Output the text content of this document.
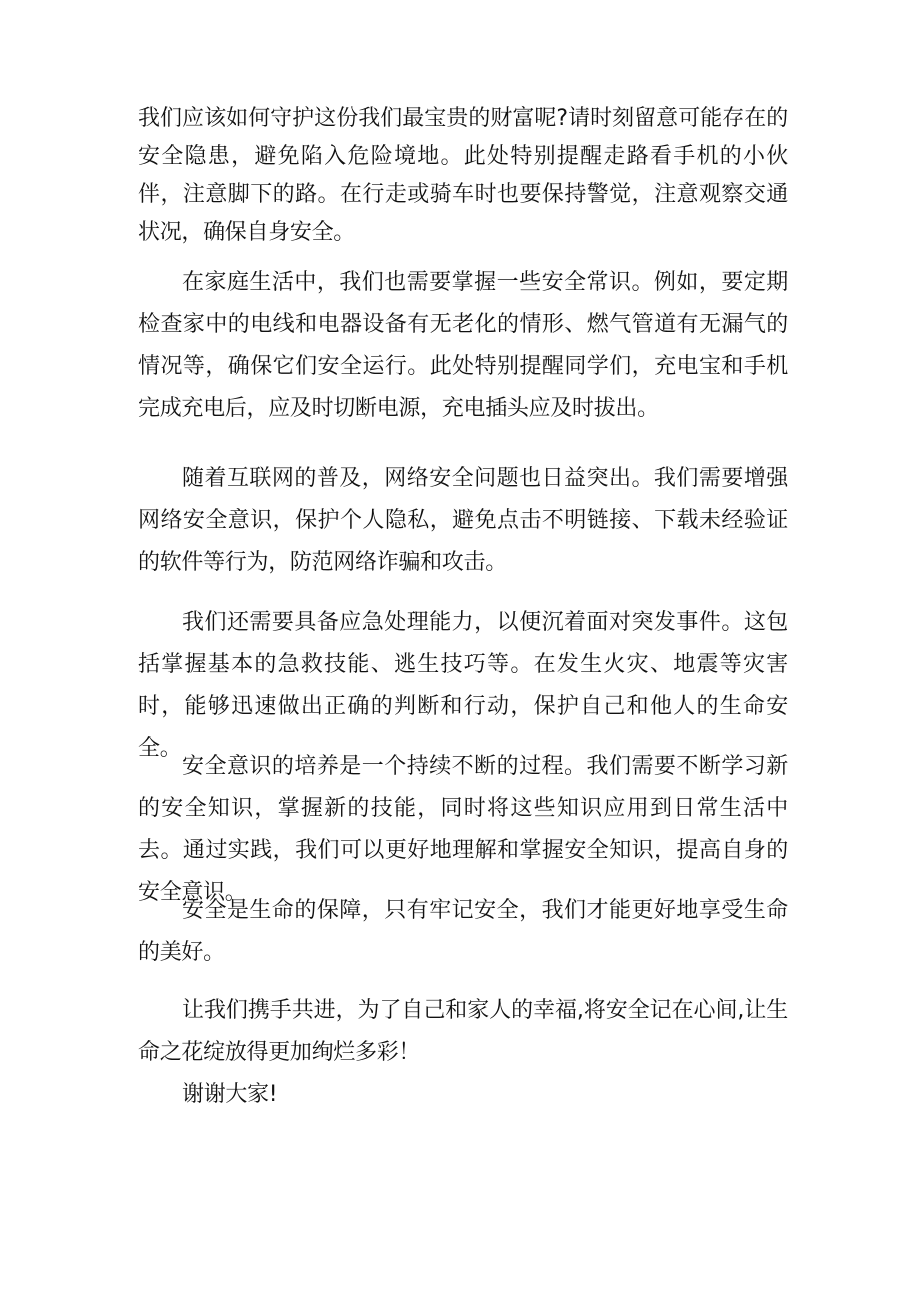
我们应该如何守护这份我们最宝贵的财富呢?请时刻留意可能存在的安全隐患，避免陷入危险境地。此处特别提醒走路看手机的小伙伴，注意脚下的路。在行走或骑车时也要保持警觉，注意观察交通状况，确保自身安全。

在家庭生活中，我们也需要掌握一些安全常识。例如，要定期检查家中的电线和电器设备有无老化的情形、燃气管道有无漏气的情况等，确保它们安全运行。此处特别提醒同学们，充电宝和手机完成充电后，应及时切断电源，充电插头应及时拔出。

随着互联网的普及，网络安全问题也日益突出。我们需要增强网络安全意识，保护个人隐私，避免点击不明链接、下载未经验证的软件等行为，防范网络诈骗和攻击。

我们还需要具备应急处理能力，以便沉着面对突发事件。这包括掌握基本的急救技能、逃生技巧等。在发生火灾、地震等灾害时，能够迅速做出正确的判断和行动，保护自己和他人的生命安全。

安全意识的培养是一个持续不断的过程。我们需要不断学习新的安全知识，掌握新的技能，同时将这些知识应用到日常生活中去。通过实践，我们可以更好地理解和掌握安全知识，提高自身的安全意识。

安全是生命的保障，只有牢记安全，我们才能更好地享受生命的美好。

让我们携手共进，为了自己和家人的幸福,将安全记在心间,让生命之花绽放得更加绚烂多彩！

谢谢大家!
